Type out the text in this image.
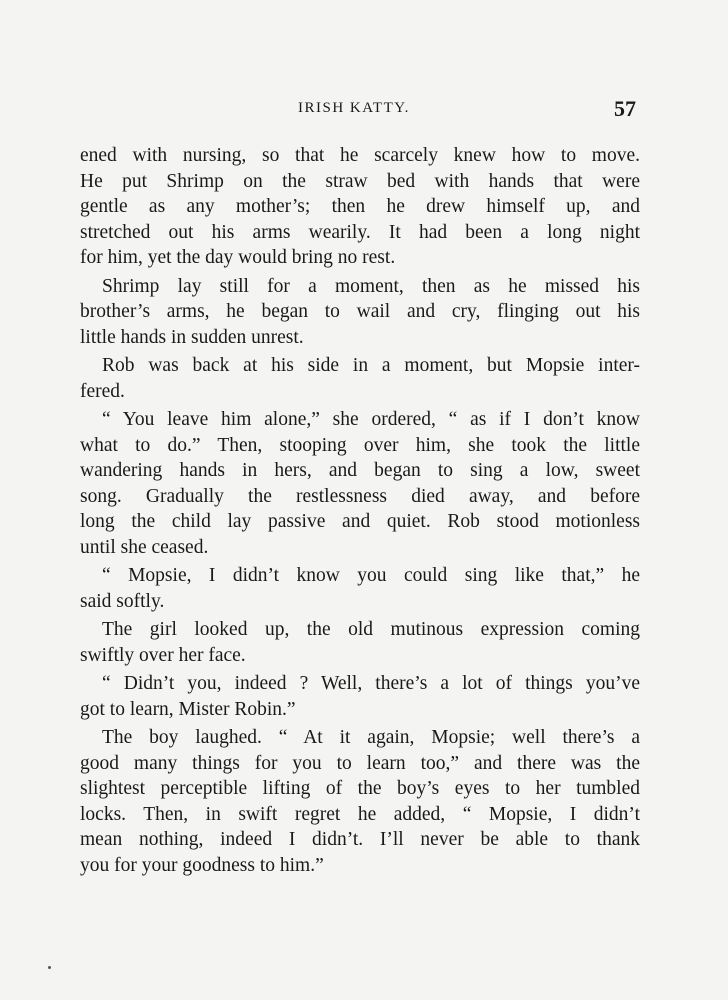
IRISH KATTY.	57
ened with nursing, so that he scarcely knew how to move.
He put Shrimp on the straw bed with hands that were
gentle as any mother’s; then he drew himself up, and
stretched out his arms wearily. It had been a long night
for him, yet the day would bring no rest.
Shrimp lay still for a moment, then as he missed his
brother’s arms, he began to wail and cry, flinging out his
little hands in sudden unrest.
Rob was back at his side in a moment, but Mopsie inter-
fered.
“ You leave him alone,” she ordered, “ as if I don’t know
what to do.” Then, stooping over him, she took the little
wandering hands in hers, and began to sing a low, sweet
song. Gradually the restlessness died away, and before
long the child lay passive and quiet. Rob stood motionless
until she ceased.
“ Mopsie, I didn’t know you could sing like that,” he
said softly.
The girl looked up, the old mutinous expression coming
swiftly over her face.
“ Didn’t you, indeed ? Well, there’s a lot of things you’ve
got to learn, Mister Robin.”
The boy laughed. “ At it again, Mopsie; well there’s a
good many things for you to learn too,” and there was the
slightest perceptible lifting of the boy’s eyes to her tumbled
locks. Then, in swift regret he added, “ Mopsie, I didn’t
mean nothing, indeed I didn’t. I’ll never be able to thank
you for your goodness to him.”
